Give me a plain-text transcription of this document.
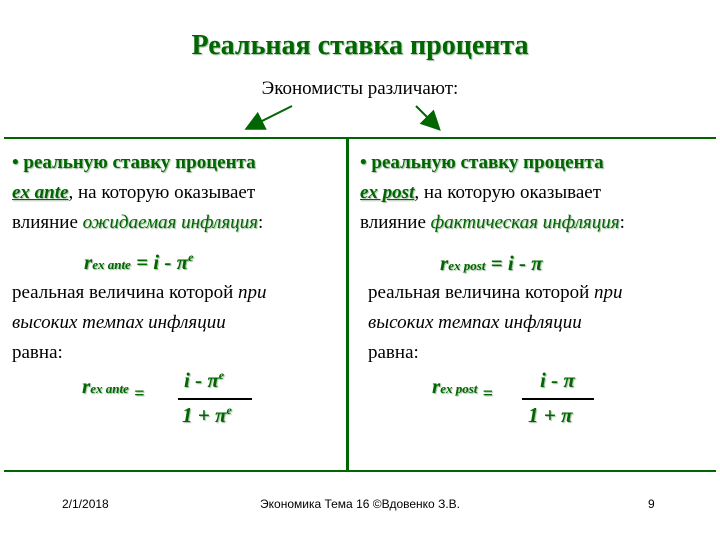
Реальная ставка процента
Экономисты различают:
• реальную ставку процента
ex ante, на которую оказывает
влияние ожидаемая инфляция:
rex ante = i - $\pi^e$
реальная величина которой при
высоких темпах инфляции
равна:
rex ante =
i - $\pi^e$
$1 + \pi^e$
• реальную ставку процента
ex post, на которую оказывает
влияние фактическая инфляция:
rex post = i - π
реальная величина которой при
высоких темпах инфляции
равна:
rex post =
i - π
1 + π
2/1/2018	Экономика Тема 16 ©Вдовенко З.В.	9
